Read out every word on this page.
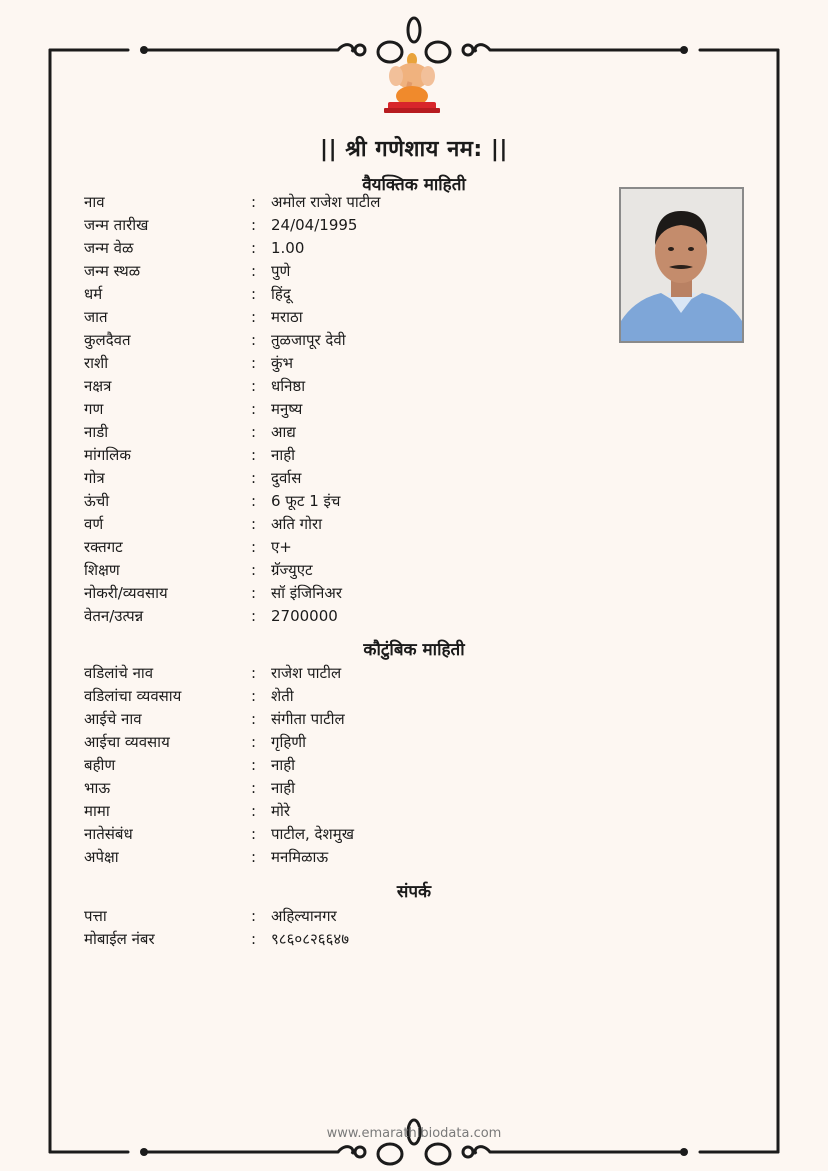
|| श्री गणेशाय नम: ||
वैयक्तिक माहिती
नाव	: अमोल राजेश पाटील
जन्म तारीख	: 24/04/1995
जन्म वेळ	: 1.00
जन्म स्थळ	: पुणे
धर्म	: हिंदू
जात	: मराठा
कुलदैवत	: तुळजापूर देवी
राशी	: कुंभ
नक्षत्र	: धनिष्ठा
गण	: मनुष्य
नाडी	: आद्य
मांगलिक	: नाही
गोत्र	: दुर्वास
ऊंची	: 6 फूट 1 इंच
वर्ण	: अति गोरा
रक्तगट	: ए+
शिक्षण	: ग्रॅज्युएट
नोकरी/व्यवसाय	: सॉ इंजिनिअर
वेतन/उत्पन्न	: 2700000
कौटुंबिक माहिती
वडिलांचे नाव	: राजेश पाटील
वडिलांचा व्यवसाय	: शेती
आईचे नाव	: संगीता पाटील
आईचा व्यवसाय	: गृहिणी
बहीण	: नाही
भाऊ	: नाही
मामा	: मोरे
नातेसंबंध	: पाटील, देशमुख
अपेक्षा	: मनमिळाऊ
संपर्क
पत्ता	: अहिल्यानगर
मोबाईल नंबर	: ९८६०८२६६४७
www.emarathibiodata.com
